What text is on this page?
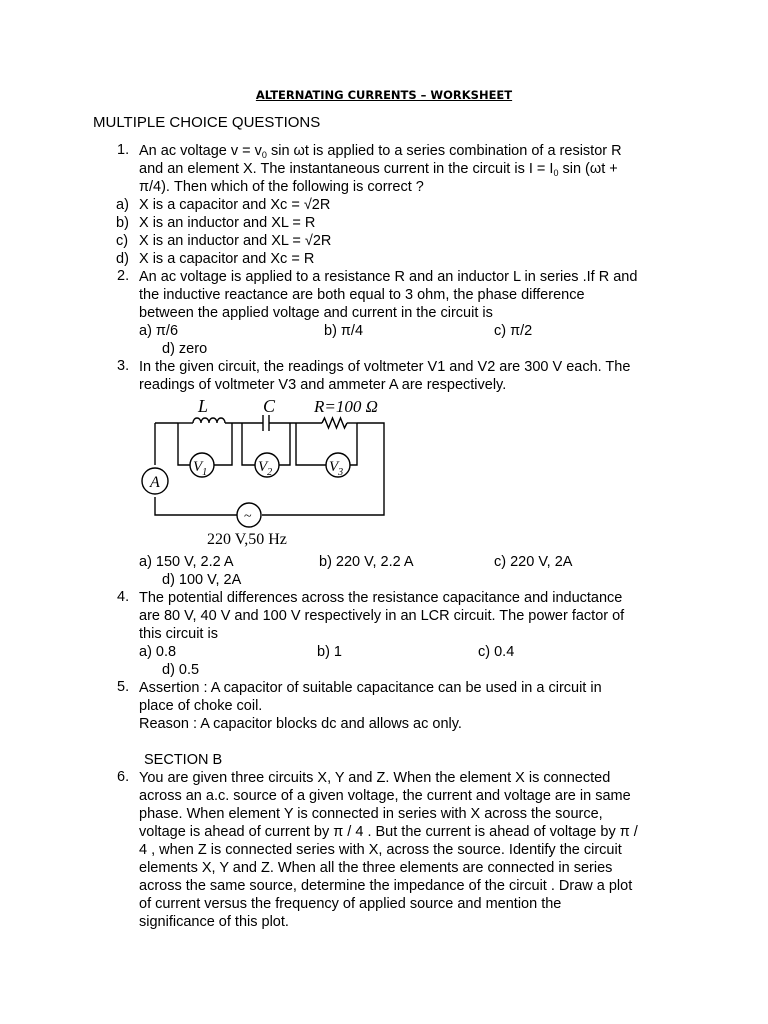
ALTERNATING CURRENTS – WORKSHEET
MULTIPLE CHOICE QUESTIONS
1. An ac voltage $v = v_0$ sin ωt is applied to a series combination of a resistor R
and an element X. The instantaneous current in the circuit is $I = I_0$ sin (ωt +
π/4). Then which of the following is correct ?
a) X is a capacitor and Xc = √2R
b) X is an inductor and XL = R
c) X is an inductor and XL = √2R
d) X is a capacitor and Xc = R
2. An ac voltage is applied to a resistance R and an inductor L in series .If R and
the inductive reactance are both equal to 3 ohm, the phase difference
between the applied voltage and current in the circuit is
a) π/6	b) π/4	c) π/2
d) zero
3. In the given circuit, the readings of voltmeter V1 and V2 are 300 V each. The
readings of voltmeter V3 and ammeter A are respectively.
L	C R=100 Ω
$V_1$	$V_2$	$V_3$
A
~
220 V,50 Hz
a) 150 V, 2.2 A	b) 220 V, 2.2 A	c) 220 V, 2A
d) 100 V, 2A
4. The potential differences across the resistance capacitance and inductance
are 80 V, 40 V and 100 V respectively in an LCR circuit. The power factor of
this circuit is
a) 0.8	b) 1	c) 0.4
d) 0.5
5. Assertion : A capacitor of suitable capacitance can be used in a circuit in
place of choke coil.
Reason : A capacitor blocks dc and allows ac only.
SECTION B
6. You are given three circuits X, Y and Z. When the element X is connected
across an a.c. source of a given voltage, the current and voltage are in same
phase. When element Y is connected in series with X across the source,
voltage is ahead of current by π / 4 . But the current is ahead of voltage by π /
4 , when Z is connected series with X, across the source. Identify the circuit
elements X, Y and Z. When all the three elements are connected in series
across the same source, determine the impedance of the circuit . Draw a plot
of current versus the frequency of applied source and mention the
significance of this plot.
